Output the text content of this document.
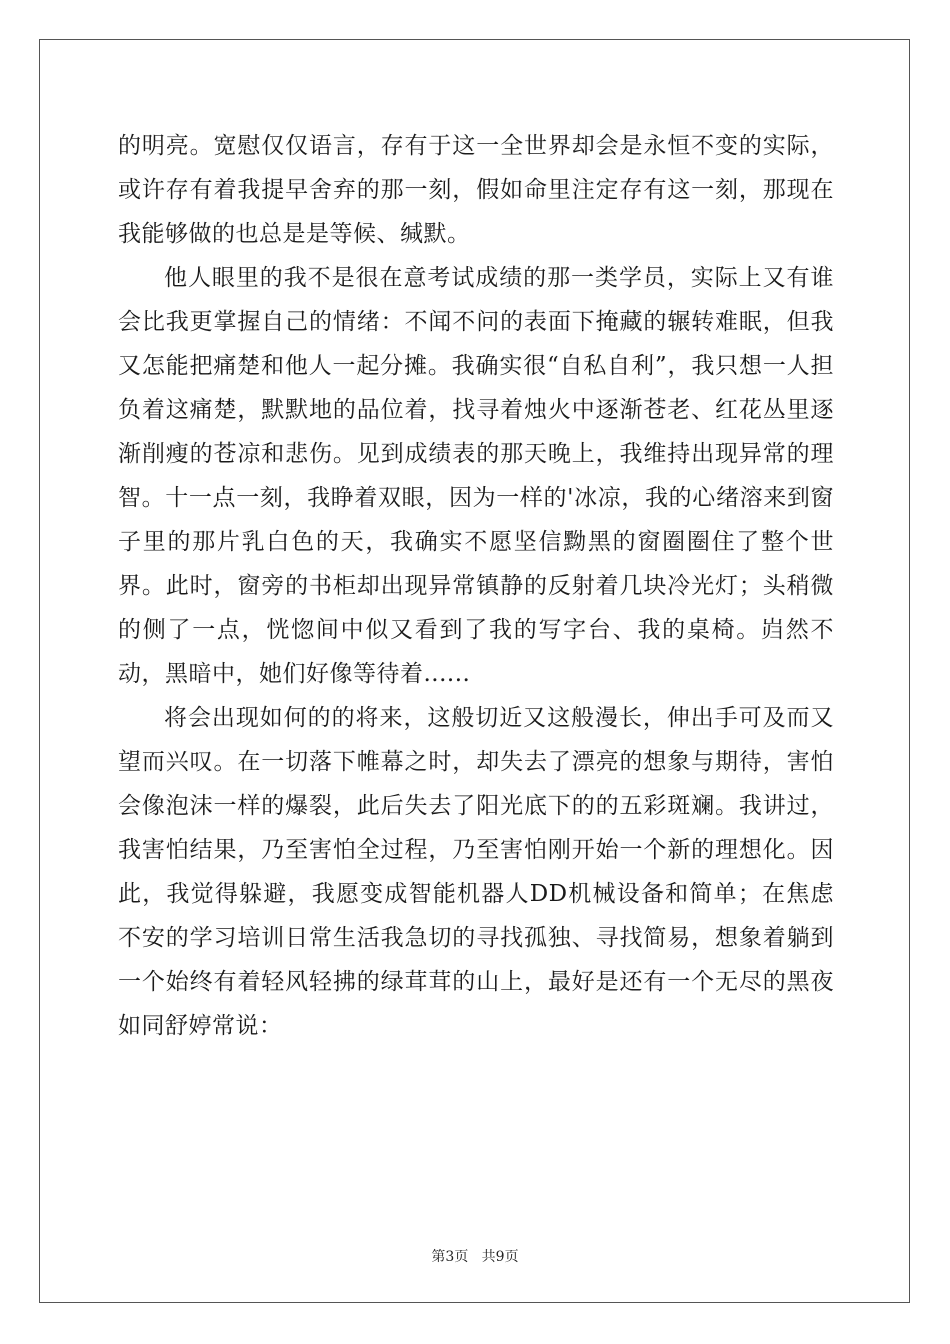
的明亮。宽慰仅仅语言，存有于这一全世界却会是永恒不变的实际，或许存有着我提早舍弃的那一刻，假如命里注定存有这一刻，那现在我能够做的也总是是等候、缄默。

他人眼里的我不是很在意考试成绩的那一类学员，实际上又有谁会比我更掌握自己的情绪：不闻不问的表面下掩藏的辗转难眠，但我又怎能把痛楚和他人一起分摊。我确实很“自私自利”，我只想一人担负着这痛楚，默默地的品位着，找寻着烛火中逐渐苍老、红花丛里逐渐削瘦的苍凉和悲伤。见到成绩表的那天晚上，我维持出现异常的理智。十一点一刻，我睁着双眼，因为一样的'冰凉，我的心绪溶来到窗子里的那片乳白色的天，我确实不愿坚信黝黑的窗圈圈住了整个世界。此时，窗旁的书柜却出现异常镇静的反射着几块冷光灯；头稍微的侧了一点，恍惚间中似又看到了我的写字台、我的桌椅。岿然不动，黑暗中，她们好像等待着......

将会出现如何的的将来，这般切近又这般漫长，伸出手可及而又望而兴叹。在一切落下帷幕之时，却失去了漂亮的想象与期待，害怕会像泡沫一样的爆裂，此后失去了阳光底下的的五彩斑斓。我讲过，我害怕结果，乃至害怕全过程，乃至害怕刚开始一个新的理想化。因此，我觉得躲避，我愿变成智能机器人DD机械设备和简单；在焦虑不安的学习培训日常生活我急切的寻找孤独、寻找简易，想象着躺到一个始终有着轻风轻拂的绿茸茸的山上，最好是还有一个无尽的黑夜如同舒婷常说：

第3页   共9页
